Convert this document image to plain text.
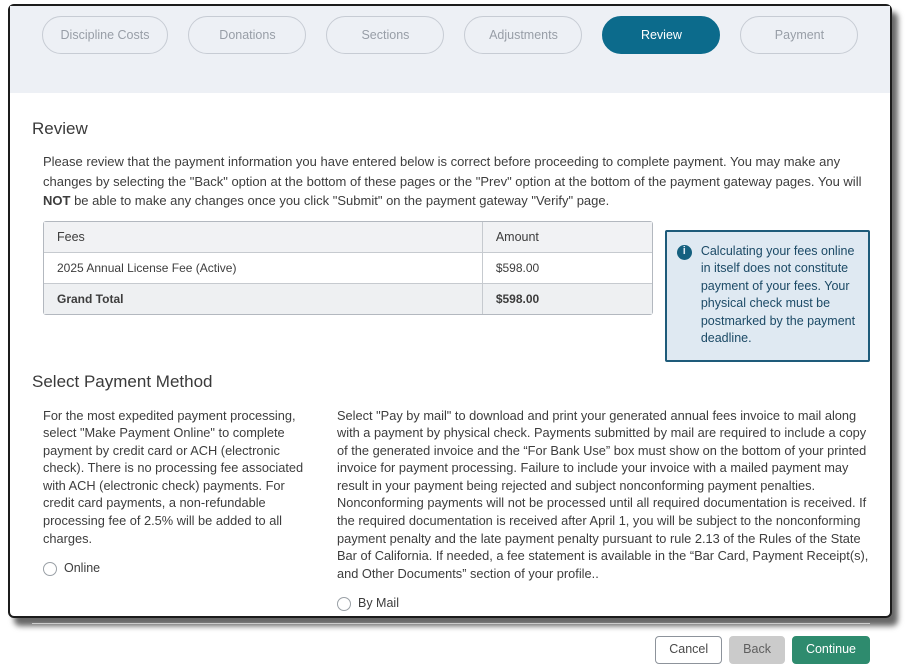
Discipline Costs	Donations	Sections	Adjustments	Review	Payment
Review

Please review that the payment information you have entered below is correct before proceeding to complete payment. You may make any changes by selecting the "Back" option at the bottom of these pages or the "Prev" option at the bottom of the payment gateway pages. You will NOT be able to make any changes once you click "Submit" on the payment gateway "Verify" page.

Fees	Amount
2025 Annual License Fee (Active)	$598.00
Grand Total	$598.00
i	Calculating your fees online in itself does not constitute payment of your fees. Your physical check must be postmarked by the payment deadline.
Select Payment Method
For the most expedited payment processing, select "Make Payment Online" to complete payment by credit card or ACH (electronic check). There is no processing fee associated with ACH (electronic check) payments. For credit card payments, a non-refundable processing fee of 2.5% will be added to all charges.
Online
Select "Pay by mail" to download and print your generated annual fees invoice to mail along with a payment by physical check. Payments submitted by mail are required to include a copy of the generated invoice and the “For Bank Use” box must show on the bottom of your printed invoice for payment processing. Failure to include your invoice with a mailed payment may result in your payment being rejected and subject nonconforming payment penalties. Nonconforming payments will not be processed until all required documentation is received. If the required documentation is received after April 1, you will be subject to the nonconforming payment penalty and the late payment penalty pursuant to rule 2.13 of the Rules of the State Bar of California. If needed, a fee statement is available in the “Bar Card, Payment Receipt(s), and Other Documents” section of your profile..
By Mail
Cancel	Back	Continue
